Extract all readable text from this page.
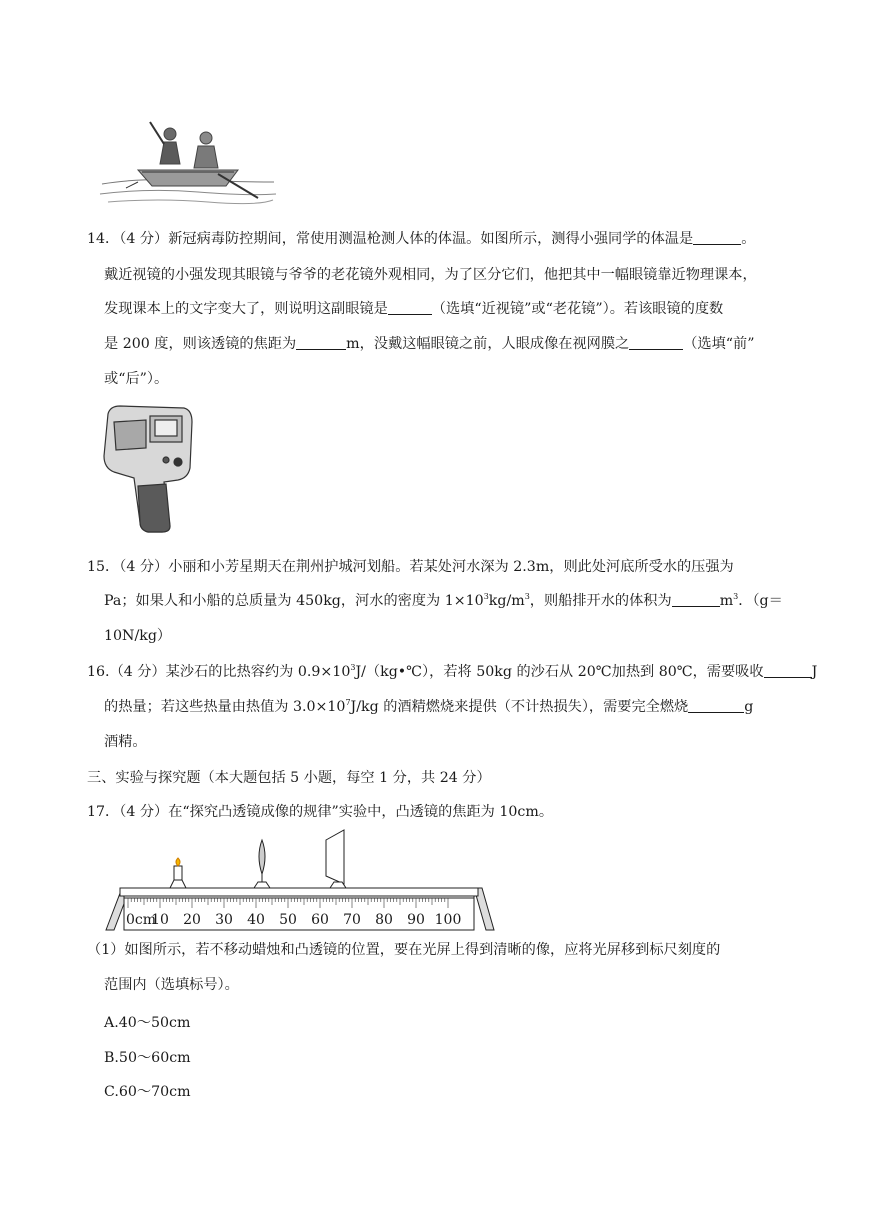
14．（4 分）新冠病毒防控期间，常使用测温枪测人体的体温。如图所示，测得小强同学的体温是	。
戴近视镜的小强发现其眼镜与爷爷的老花镜外观相同，为了区分它们，他把其中一幅眼镜靠近物理课本，
发现课本上的文字变大了，则说明这副眼镜是	（选填“近视镜”或“老花镜”）。若该眼镜的度数
是 200 度，则该透镜的焦距为	m，没戴这幅眼镜之前，人眼成像在视网膜之	（选填“前”
或“后”）。
15．（4 分）小丽和小芳星期天在荆州护城河划船。若某处河水深为 2.3m，则此处河底所受水的压强为
Pa；如果人和小船的总质量为 450kg，河水的密度为 $1\times 10^3kg/m^3$，则船排开水的体积为	$m^3$．（g＝
10N/kg）
16.（4 分）某沙石的比热容约为 $0.9\times 10^3J/(kg•℃)$，若将 50kg 的沙石从 20℃加热到 80℃，需要吸收	J
的热量；若这些热量由热值为 $3.0\times 10^7J/kg$ 的酒精燃烧来提供（不计热损失），需要完全燃烧	g
酒精。
三、实验与探究题（本大题包括 5 小题，每空 1 分，共 24 分）
17．（4 分）在“探究凸透镜成像的规律”实验中，凸透镜的焦距为 10cm。
0cm
10 20 30 40 50 60 70 80 90 100
（1）如图所示，若不移动蜡烛和凸透镜的位置，要在光屏上得到清晰的像，应将光屏移到标尺刻度的
范围内（选填标号）。
A.40～50cm
B.50～60cm
C.60～70cm
